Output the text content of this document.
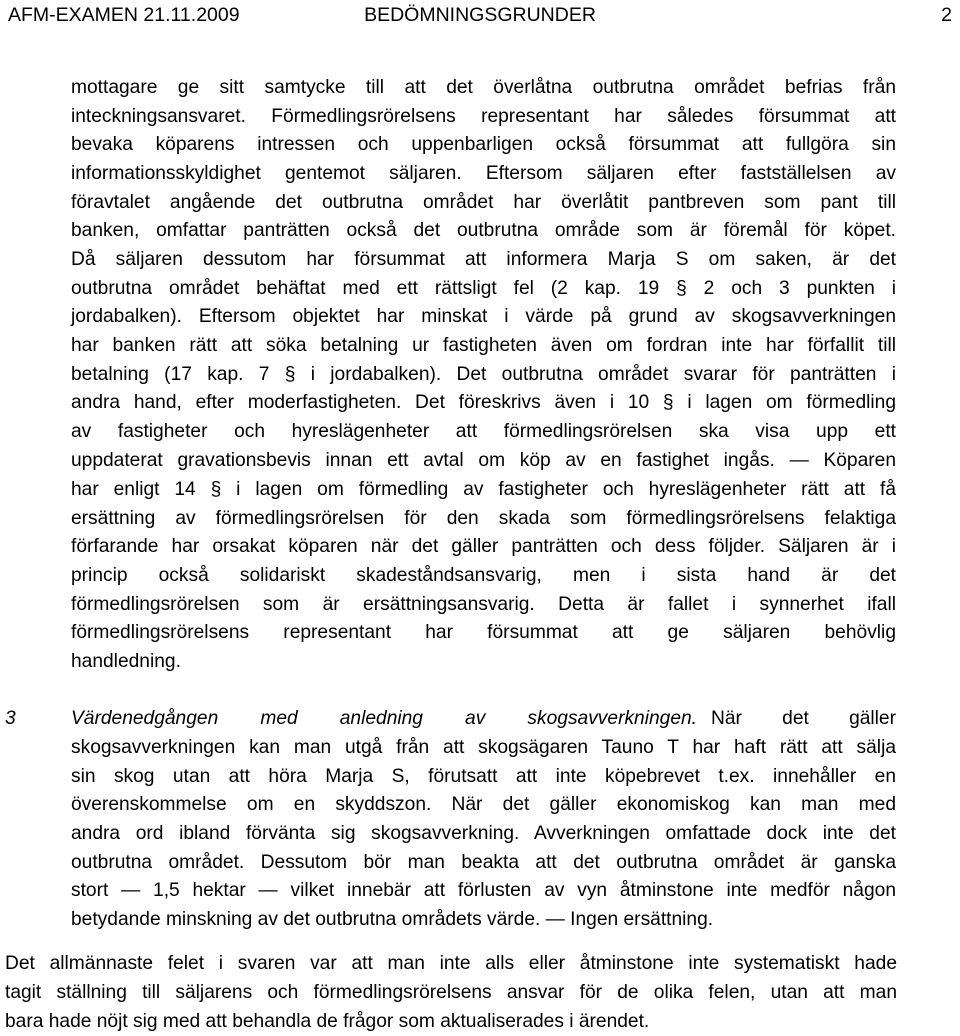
AFM-EXAMEN 21.11.2009	BEDÖMNINGSGRUNDER	2
mottagare ge sitt samtycke till att det överlåtna outbrutna området befrias från
inteckningsansvaret. Förmedlingsrörelsens representant har således försummat att
bevaka köparens intressen och uppenbarligen också försummat att fullgöra sin
informationsskyldighet gentemot säljaren. Eftersom säljaren efter fastställelsen av
föravtalet angående det outbrutna området har överlåtit pantbreven som pant till
banken, omfattar panträtten också det outbrutna område som är föremål för köpet.
Då säljaren dessutom har försummat att informera Marja S om saken, är det
outbrutna området behäftat med ett rättsligt fel (2 kap. 19 § 2 och 3 punkten i
jordabalken). Eftersom objektet har minskat i värde på grund av skogsavverkningen
har banken rätt att söka betalning ur fastigheten även om fordran inte har förfallit till
betalning (17 kap. 7 § i jordabalken). Det outbrutna området svarar för panträtten i
andra hand, efter moderfastigheten. Det föreskrivs även i 10 § i lagen om förmedling
av fastigheter och hyreslägenheter att förmedlingsrörelsen ska visa upp ett
uppdaterat gravationsbevis innan ett avtal om köp av en fastighet ingås. — Köparen
har enligt 14 § i lagen om förmedling av fastigheter och hyreslägenheter rätt att få
ersättning av förmedlingsrörelsen för den skada som förmedlingsrörelsens felaktiga
förfarande har orsakat köparen när det gäller panträtten och dess följder. Säljaren är i
princip också solidariskt skadeståndsansvarig, men i sista hand är det
förmedlingsrörelsen som är ersättningsansvarig. Detta är fallet i synnerhet ifall
förmedlingsrörelsens representant har försummat att ge säljaren behövlig
handledning.
3	Värdenedgången med anledning av skogsavverkningen. När det gäller
skogsavverkningen kan man utgå från att skogsägaren Tauno T har haft rätt att sälja
sin skog utan att höra Marja S, förutsatt att inte köpebrevet t.ex. innehåller en
överenskommelse om en skyddszon. När det gäller ekonomiskog kan man med
andra ord ibland förvänta sig skogsavverkning. Avverkningen omfattade dock inte det
outbrutna området. Dessutom bör man beakta att det outbrutna området är ganska
stort — 1,5 hektar — vilket innebär att förlusten av vyn åtminstone inte medför någon
betydande minskning av det outbrutna områdets värde. — Ingen ersättning.
Det allmännaste felet i svaren var att man inte alls eller åtminstone inte systematiskt hade
tagit ställning till säljarens och förmedlingsrörelsens ansvar för de olika felen, utan att man
bara hade nöjt sig med att behandla de frågor som aktualiserades i ärendet.
